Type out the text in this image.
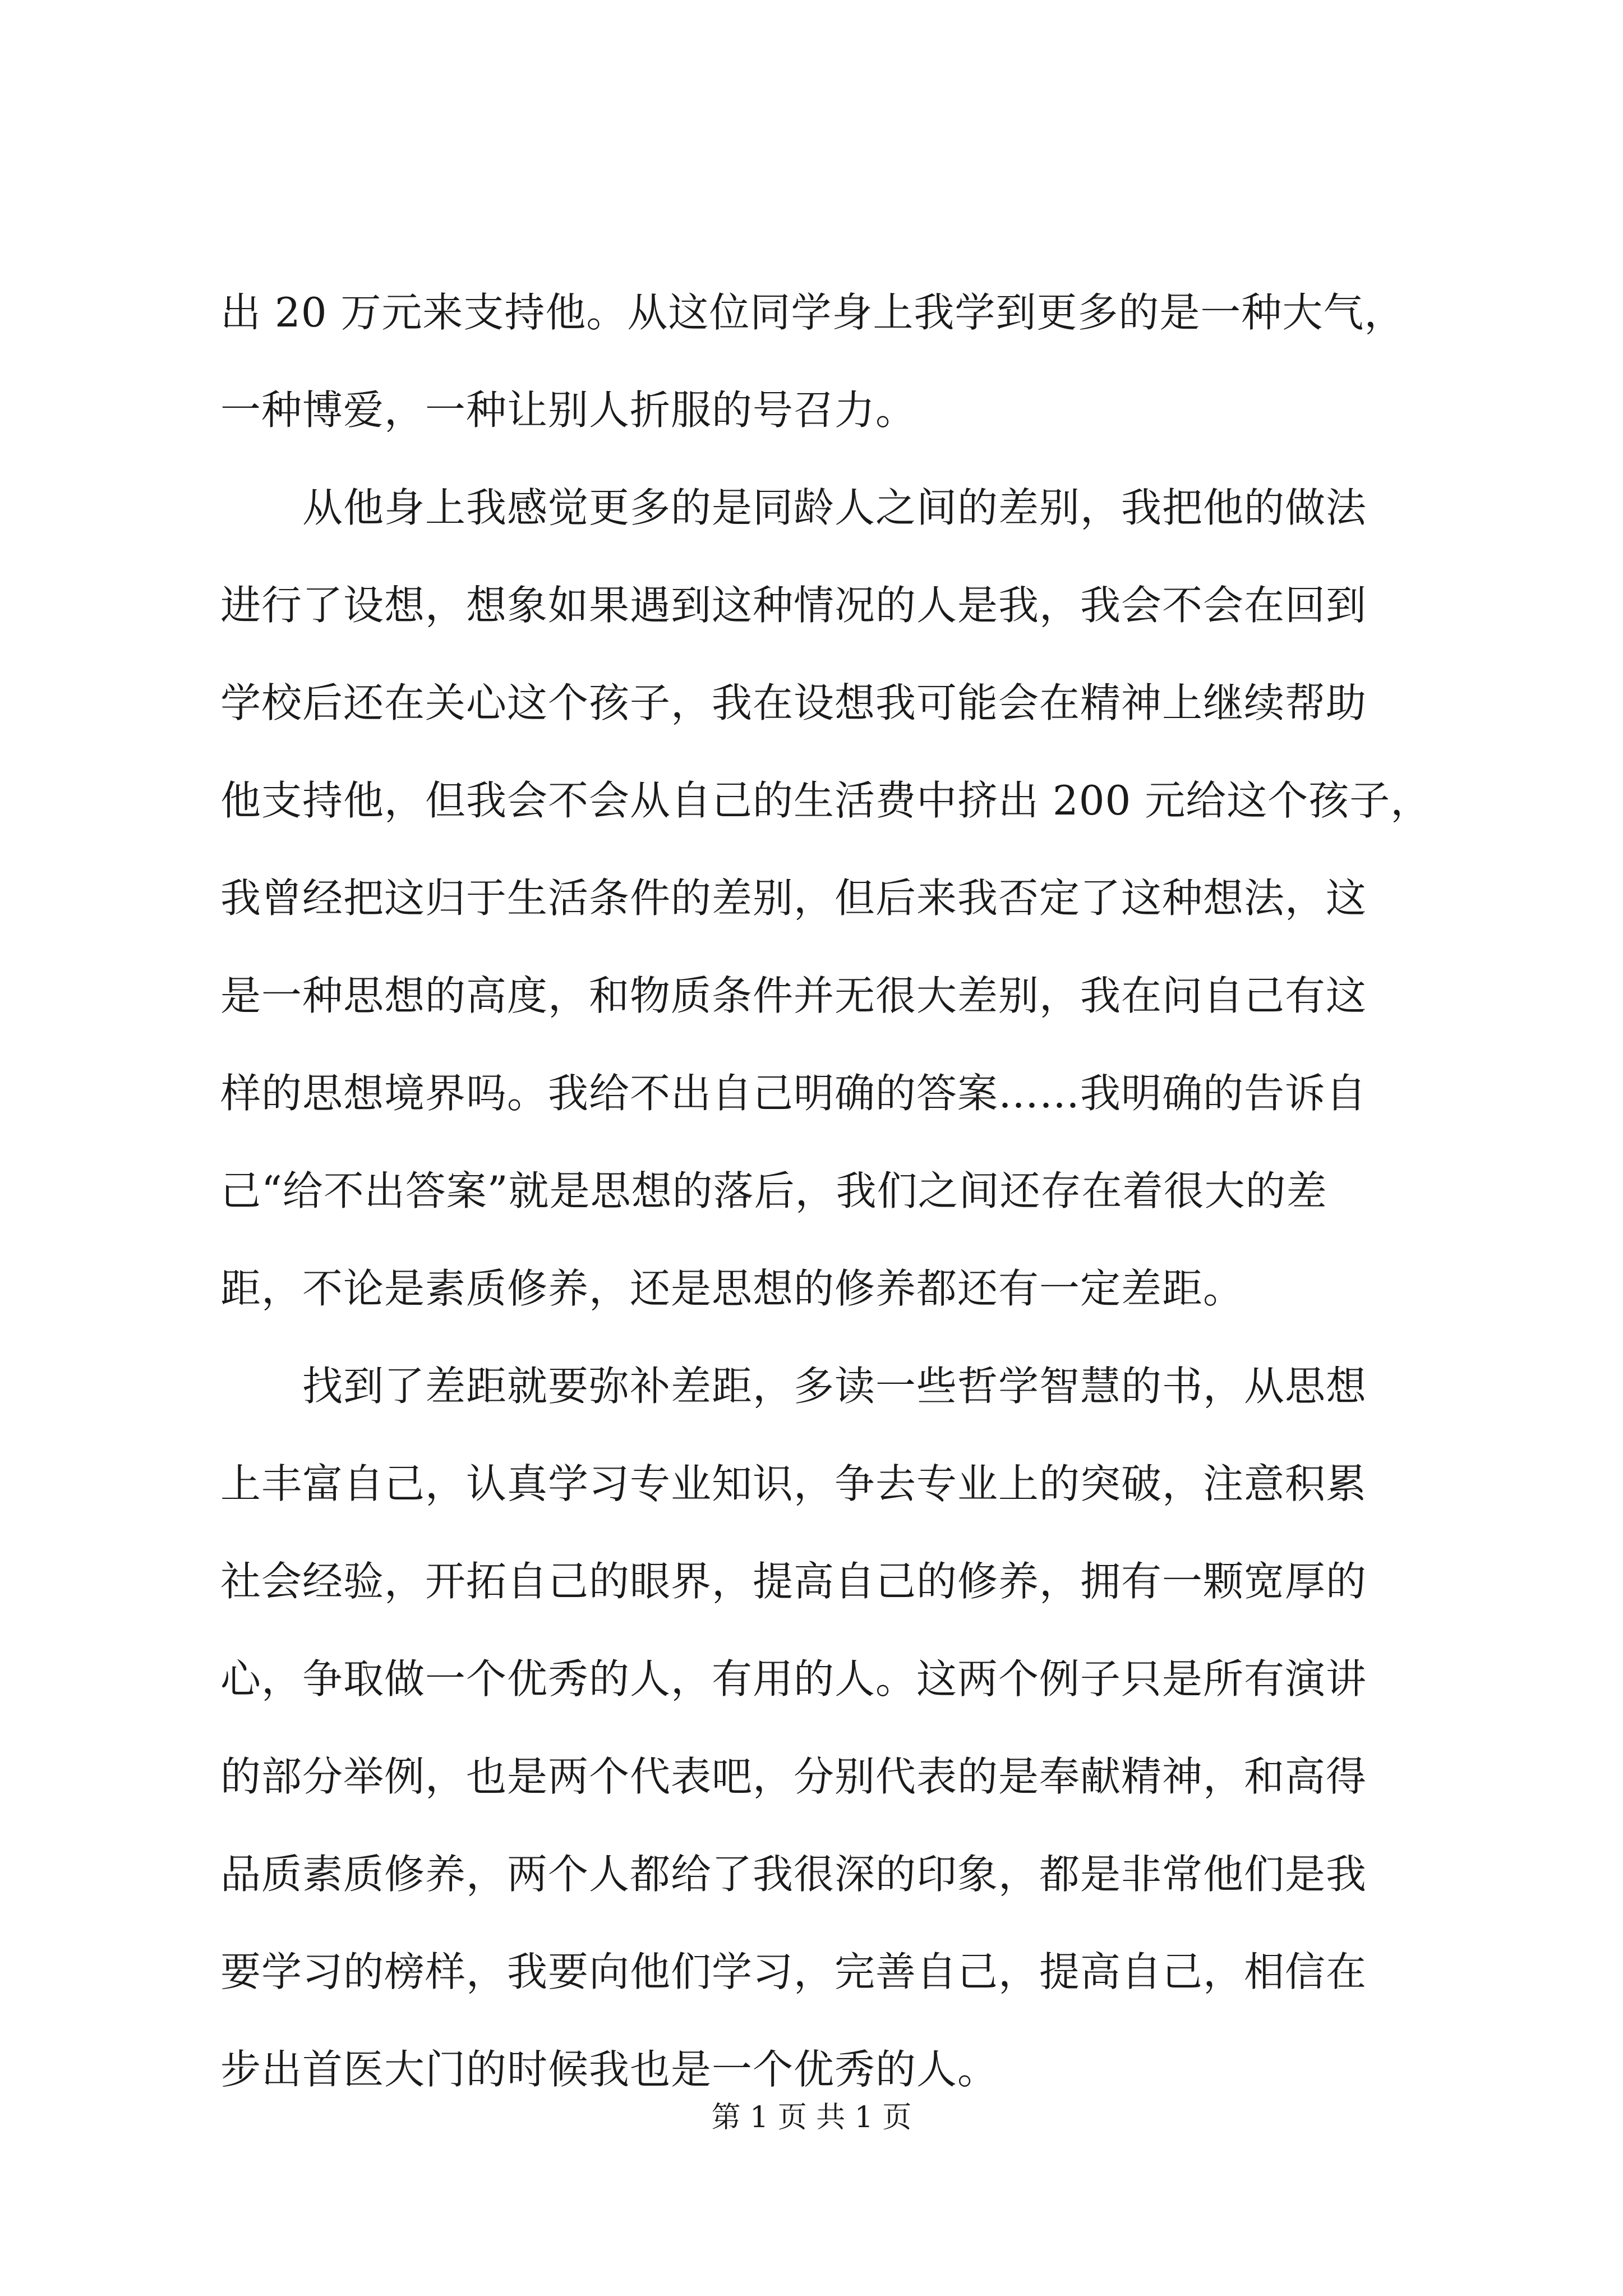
出 20 万元来支持他。从这位同学身上我学到更多的是一种大气，
一种博爱，一种让别人折服的号召力。
　　从他身上我感觉更多的是同龄人之间的差别，我把他的做法
进行了设想，想象如果遇到这种情况的人是我，我会不会在回到
学校后还在关心这个孩子，我在设想我可能会在精神上继续帮助
他支持他，但我会不会从自己的生活费中挤出 200 元给这个孩子，
我曾经把这归于生活条件的差别，但后来我否定了这种想法，这
是一种思想的高度，和物质条件并无很大差别，我在问自己有这
样的思想境界吗。我给不出自己明确的答案……我明确的告诉自
己“给不出答案”就是思想的落后，我们之间还存在着很大的差
距，不论是素质修养，还是思想的修养都还有一定差距。
　　找到了差距就要弥补差距，多读一些哲学智慧的书，从思想
上丰富自己，认真学习专业知识，争去专业上的突破，注意积累
社会经验，开拓自己的眼界，提高自己的修养，拥有一颗宽厚的
心，争取做一个优秀的人，有用的人。这两个例子只是所有演讲
的部分举例，也是两个代表吧，分别代表的是奉献精神，和高得
品质素质修养，两个人都给了我很深的印象，都是非常他们是我
要学习的榜样，我要向他们学习，完善自己，提高自己，相信在
步出首医大门的时候我也是一个优秀的人。
第 1 页 共 1 页
